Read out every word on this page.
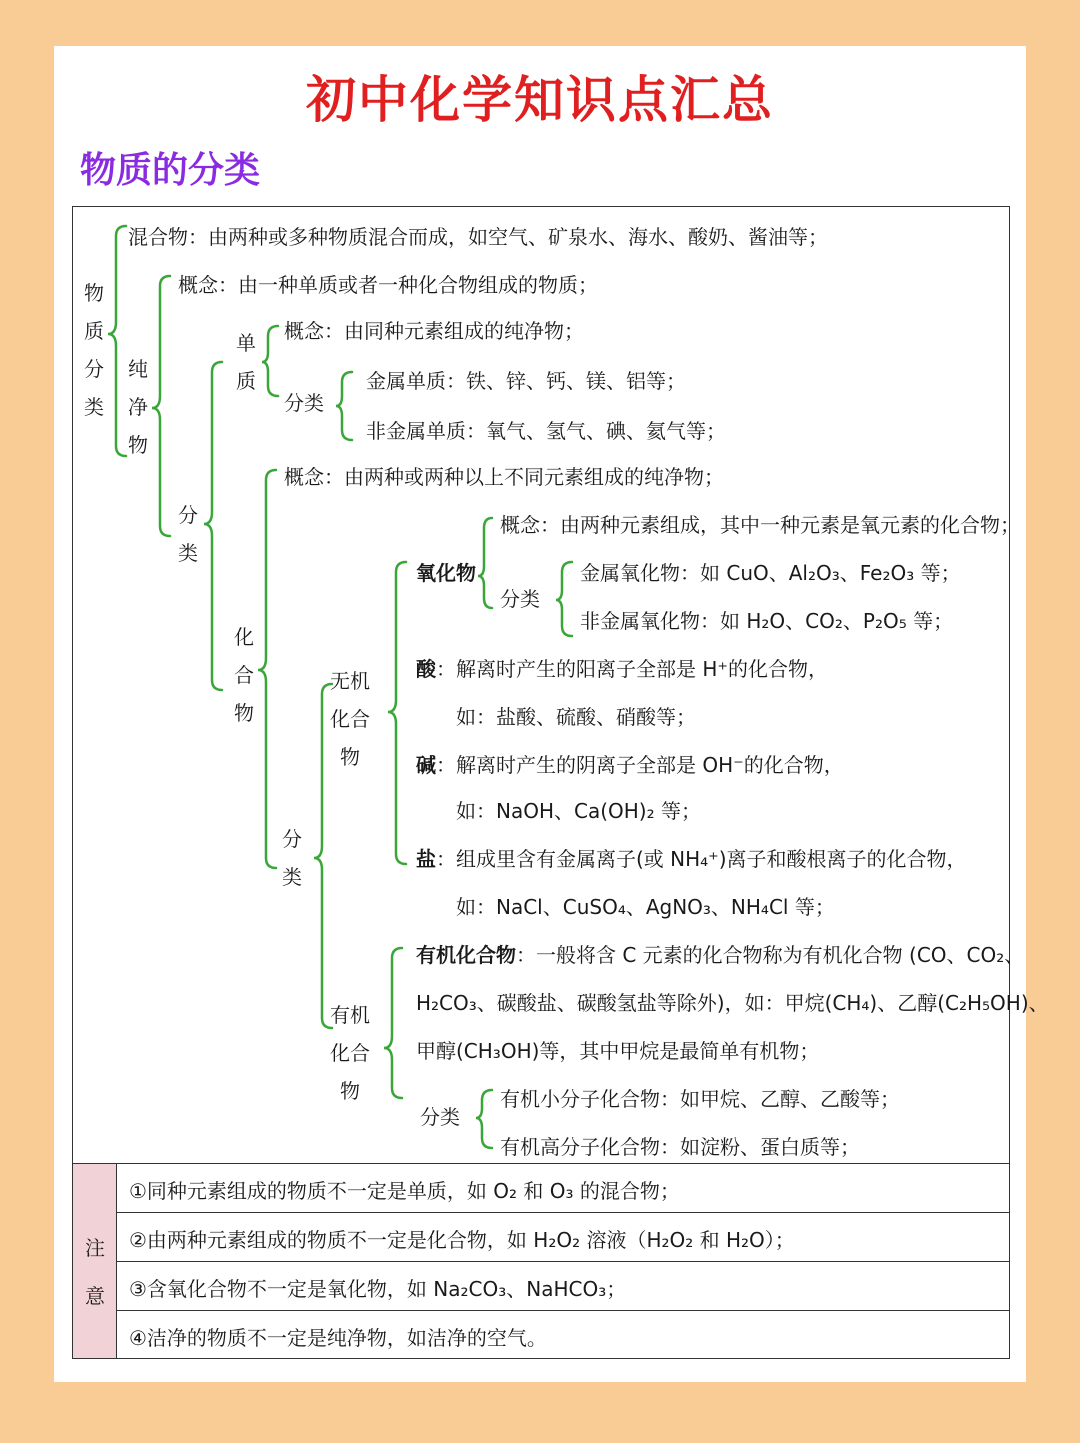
初中化学知识点汇总
物质的分类
物质分类
混合物：由两种或多种物质混合而成，如空气、矿泉水、海水、酸奶、酱油等；
纯净物
概念：由一种单质或者一种化合物组成的物质；
分类
单质
概念：由同种元素组成的纯净物；
分类
金属单质：铁、锌、钙、镁、铝等；
非金属单质：氧气、氢气、碘、氦气等；
化合物
概念：由两种或两种以上不同元素组成的纯净物；
分类
无机化合物
氧化物
概念：由两种元素组成，其中一种元素是氧元素的化合物；
分类
金属氧化物：如 CuO、Al₂O₃、Fe₂O₃ 等；
非金属氧化物：如 H₂O、CO₂、P₂O₅ 等；
酸：解离时产生的阳离子全部是 H⁺的化合物，
如：盐酸、硫酸、硝酸等；
碱：解离时产生的阴离子全部是 OH⁻的化合物，
如：NaOH、Ca(OH)₂ 等；
盐：组成里含有金属离子(或 NH₄⁺)离子和酸根离子的化合物，
如：NaCl、CuSO₄、AgNO₃、NH₄Cl 等；
有机化合物
有机化合物：一般将含 C 元素的化合物称为有机化合物 (CO、CO₂、
H₂CO₃、碳酸盐、碳酸氢盐等除外)，如：甲烷(CH₄)、乙醇(C₂H₅OH)、
甲醇(CH₃OH)等，其中甲烷是最简单有机物；
分类
有机小分子化合物：如甲烷、乙醇、乙酸等；
有机高分子化合物：如淀粉、蛋白质等；
注
意
①同种元素组成的物质不一定是单质，如 O₂ 和 O₃ 的混合物；
②由两种元素组成的物质不一定是化合物，如 H₂O₂ 溶液（H₂O₂ 和 H₂O）；
③含氧化合物不一定是氧化物，如 Na₂CO₃、NaHCO₃；
④洁净的物质不一定是纯净物，如洁净的空气。
